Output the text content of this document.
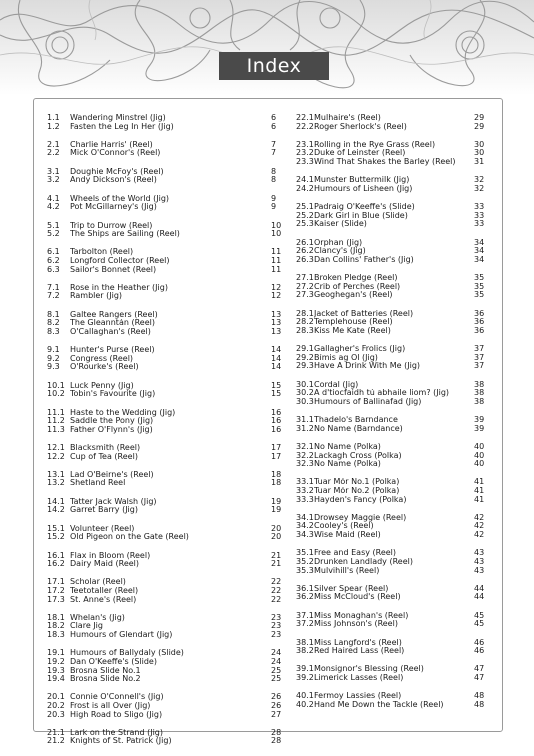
Index
1.1	Wandering Minstrel (Jig)	6
1.2	Fasten the Leg In Her (Jig)	6
2.1	Charlie Harris' (Reel)	7
2.2	Mick O'Connor's (Reel)	7
3.1	Doughie McFoy's (Reel)	8
3.2	Andy Dickson's (Reel)	8
4.1	Wheels of the World (Jig)	9
4.2	Pot McGillarney's (Jig)	9
5.1	Trip to Durrow (Reel)	10
5.2	The Ships are Sailing (Reel)	10
6.1	Tarbolton (Reel)	11
6.2	Longford Collector (Reel)	11
6.3	Sailor's Bonnet (Reel)	11
7.1	Rose in the Heather (Jig)	12
7.2	Rambler (Jig)	12
8.1	Galtee Rangers (Reel)	13
8.2	The Gleanntán (Reel)	13
8.3	O'Callaghan's (Reel)	13
9.1	Hunter's Purse (Reel)	14
9.2	Congress (Reel)	14
9.3	O'Rourke's (Reel)	14
10.1 Luck Penny (Jig)	15
10.2 Tobin's Favourite (Jig)	15
11.1 Haste to the Wedding (Jig)	16
11.2 Saddle the Pony (Jig)	16
11.3 Father O'Flynn's (Jig)	16
12.1 Blacksmith (Reel)	17
12.2 Cup of Tea (Reel)	17
13.1 Lad O'Beirne's (Reel)	18
13.2 Shetland Reel	18
14.1 Tatter Jack Walsh (Jig)	19
14.2 Garret Barry (Jig)	19
15.1 Volunteer (Reel)	20
15.2 Old Pigeon on the Gate (Reel)	20
16.1 Flax in Bloom (Reel)	21
16.2 Dairy Maid (Reel)	21
17.1 Scholar (Reel)	22
17.2 Teetotaller (Reel)	22
17.3 St. Anne's (Reel)	22
18.1 Whelan's (Jig)	23
18.2 Clare Jig	23
18.3 Humours of Glendart (Jig)	23
19.1 Humours of Ballydaly (Slide)	24
19.2 Dan O'Keeffe's (Slide)	24
19.3 Brosna Slide No.1	25
19.4 Brosna Slide No.2	25
20.1 Connie O'Connell's (Jig)	26
20.2 Frost is all Over (Jig)	26
20.3 High Road to Sligo (Jig)	27
21.1 Lark on the Strand (Jig)	28
21.2 Knights of St. Patrick (Jig)	28
22.1 Mulhaire's (Reel)	29
22.2 Roger Sherlock's (Reel)	29
23.1 Rolling in the Rye Grass (Reel)	30
23.2 Duke of Leinster (Reel)	30
23.3 Wind That Shakes the Barley (Reel)	31
24.1 Munster Buttermilk (Jig)	32
24.2 Humours of Lisheen (Jig)	32
25.1 Padraig O'Keeffe's (Slide)	33
25.2 Dark Girl in Blue (Slide)	33
25.3 Kaiser (Slide)	33
26.1 Orphan (Jig)	34
26.2 Clancy's (Jig)	34
26.3 Dan Collins' Father's (Jig)	34
27.1 Broken Pledge (Reel)	35
27.2 Crib of Perches (Reel)	35
27.3 Geoghegan's (Reel)	35
28.1 Jacket of Batteries (Reel)	36
28.2 Templehouse (Reel)	36
28.3 Kiss Me Kate (Reel)	36
29.1 Gallagher's Frolics (Jig)	37
29.2 Bímis ag Ól (Jig)	37
29.3 Have A Drink With Me (Jig)	37
30.1 Cordal (Jig)	38
30.2 A d'tiocfaidh tú abhaile liom? (Jig)	38
30.3 Humours of Ballinafad (Jig)	38
31.1 Thadelo's Barndance	39
31.2 No Name (Barndance)	39
32.1 No Name (Polka)	40
32.2 Lackagh Cross (Polka)	40
32.3 No Name (Polka)	40
33.1 Tuar Mór No.1 (Polka)	41
33.2 Tuar Mór No.2 (Polka)	41
33.3 Hayden's Fancy (Polka)	41
34.1 Drowsey Maggie (Reel)	42
34.2 Cooley's (Reel)	42
34.3 Wise Maid (Reel)	42
35.1 Free and Easy (Reel)	43
35.2 Drunken Landlady (Reel)	43
35.3 Mulvihill's (Reel)	43
36.1 Silver Spear (Reel)	44
36.2 Miss McCloud's (Reel)	44
37.1 Miss Monaghan's (Reel)	45
37.2 Miss Johnson's (Reel)	45
38.1 Miss Langford's (Reel)	46
38.2 Red Haired Lass (Reel)	46
39.1 Monsignor's Blessing (Reel)	47
39.2 Limerick Lasses (Reel)	47
40.1 Fermoy Lassies (Reel)	48
40.2 Hand Me Down the Tackle (Reel)	48
